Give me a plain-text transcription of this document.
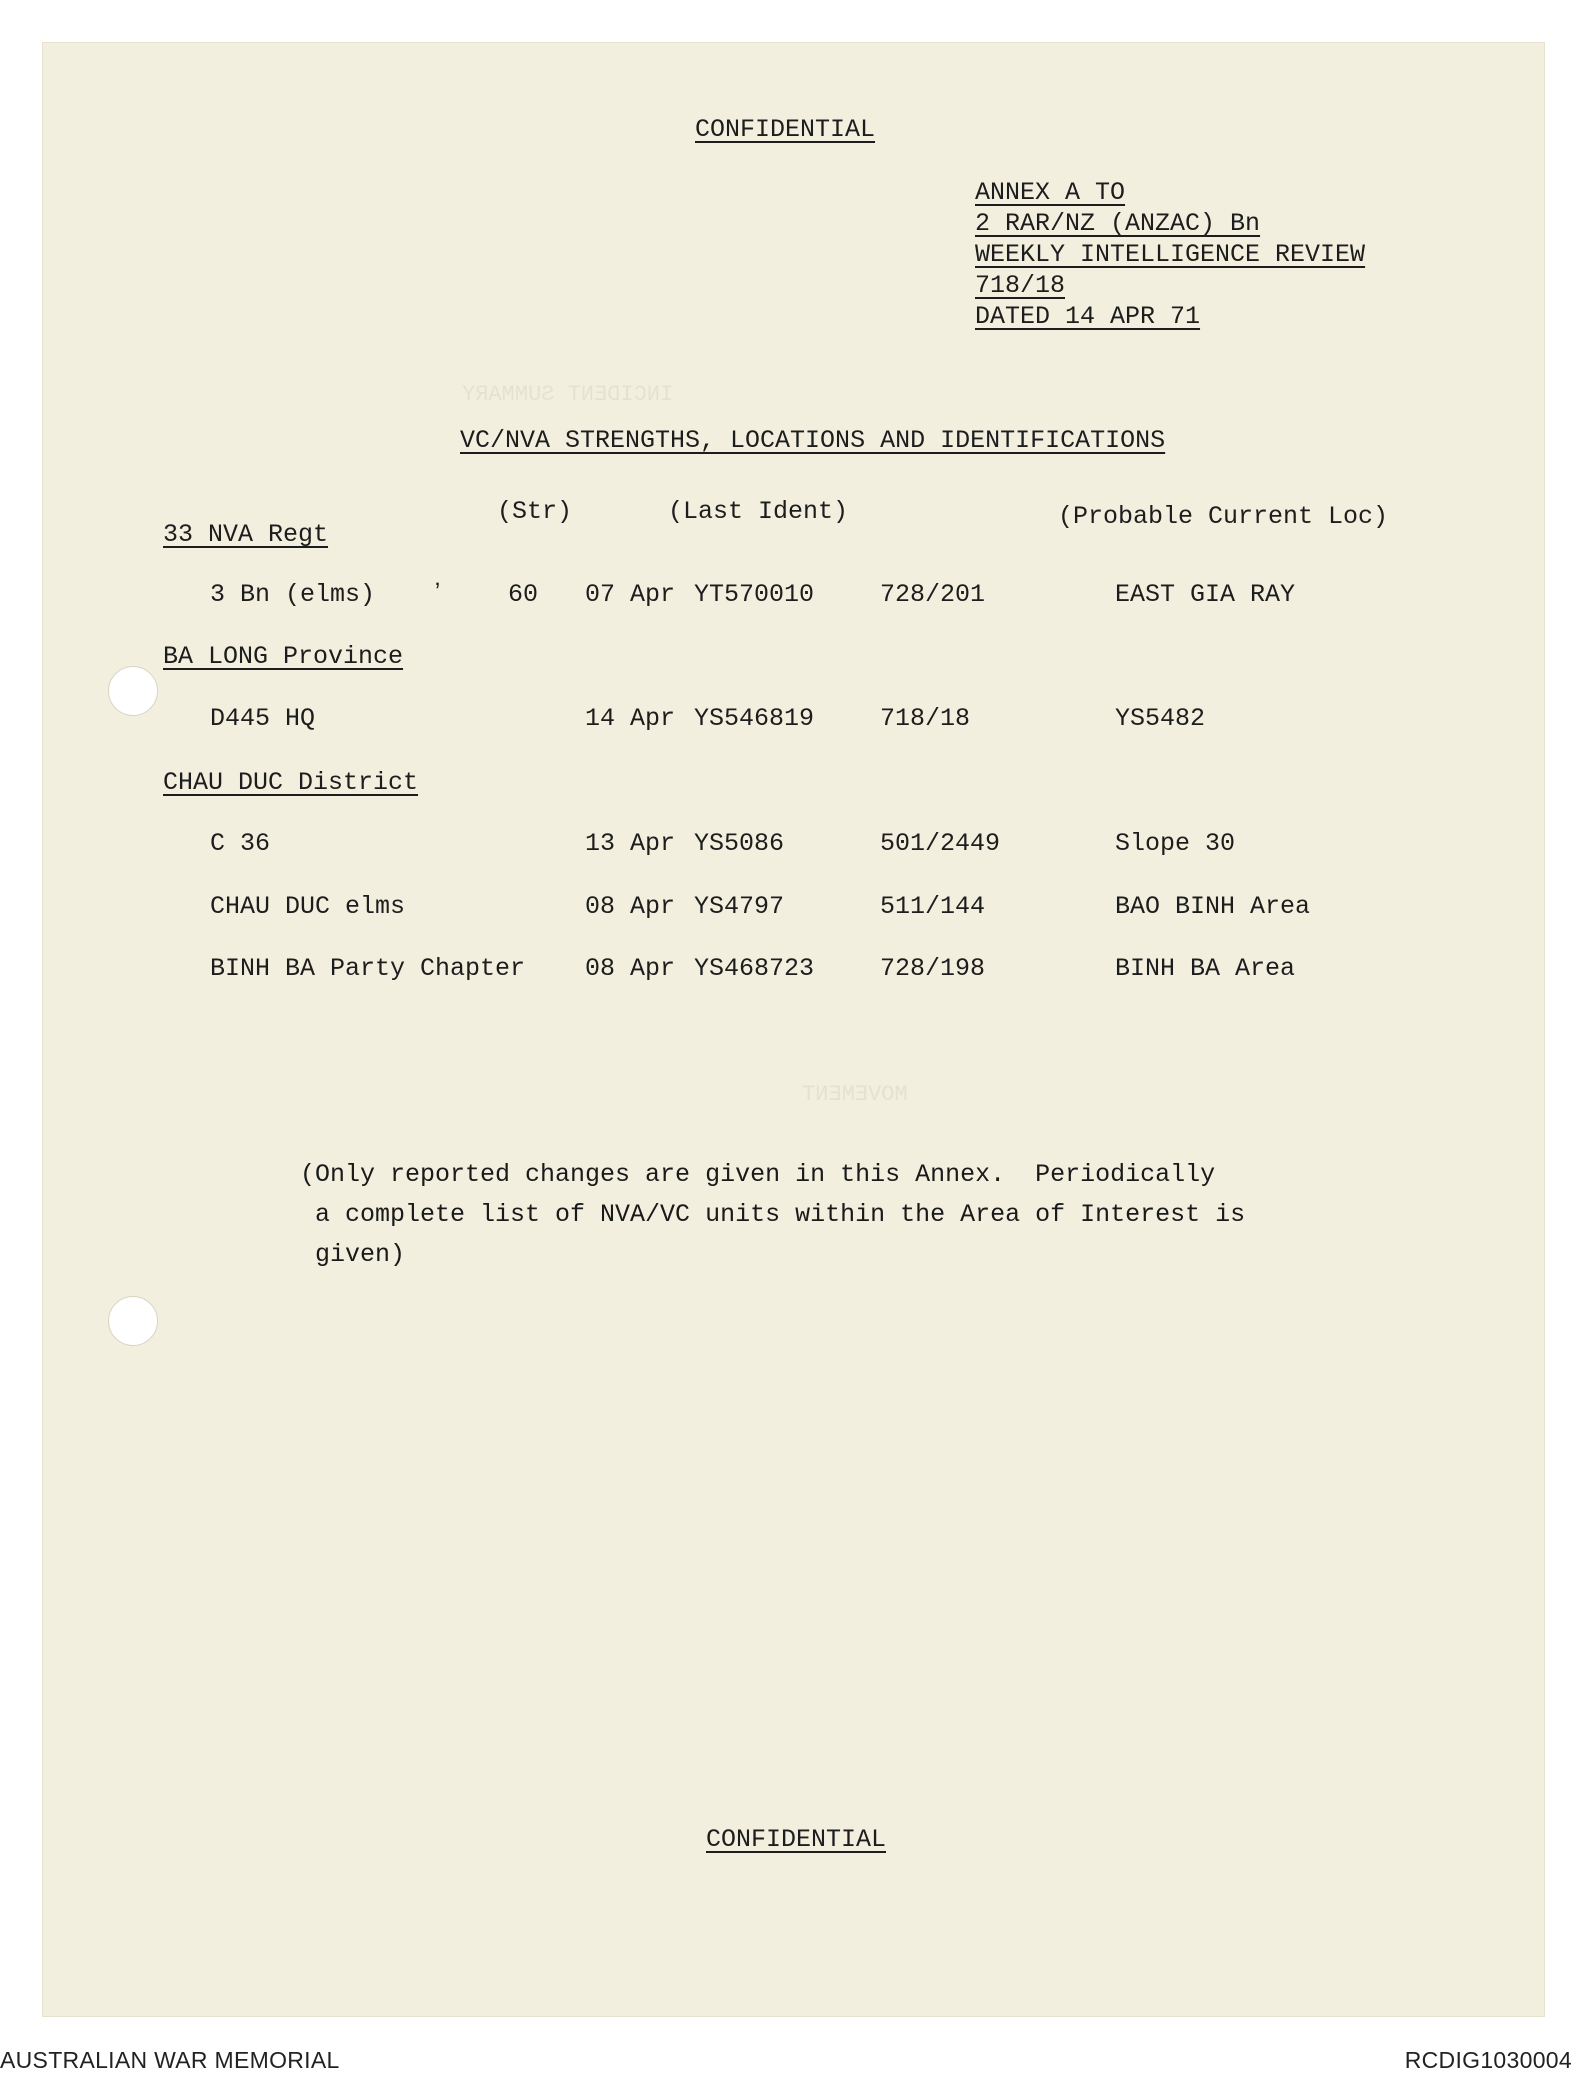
INCIDENT SUMMARY
MOVEMENT
CONFIDENTIAL
ANNEX A TO
2 RAR/NZ (ANZAC) Bn
WEEKLY INTELLIGENCE REVIEW
718/18
DATED 14 APR 71
VC/NVA STRENGTHS, LOCATIONS AND IDENTIFICATIONS
(Str)	(Last Ident)	(Probable Current Loc)
33 NVA Regt
3 Bn (elms) ʼ	60 07 Apr YT570010	728/201	EAST GIA RAY
BA LONG Province
D445 HQ	14 Apr YS546819	718/18	YS5482
CHAU DUC District
C 36	13 Apr YS5086	501/2449	Slope 30
CHAU DUC elms	08 Apr YS4797	511/144	BAO BINH Area
BINH BA Party Chapter 08 Apr YS468723	728/198	BINH BA Area
(Only reported changes are given in this Annex.  Periodically
a complete list of NVA/VC units within the Area of Interest is
given)
CONFIDENTIAL
AUSTRALIAN WAR MEMORIAL	RCDIG1030004
